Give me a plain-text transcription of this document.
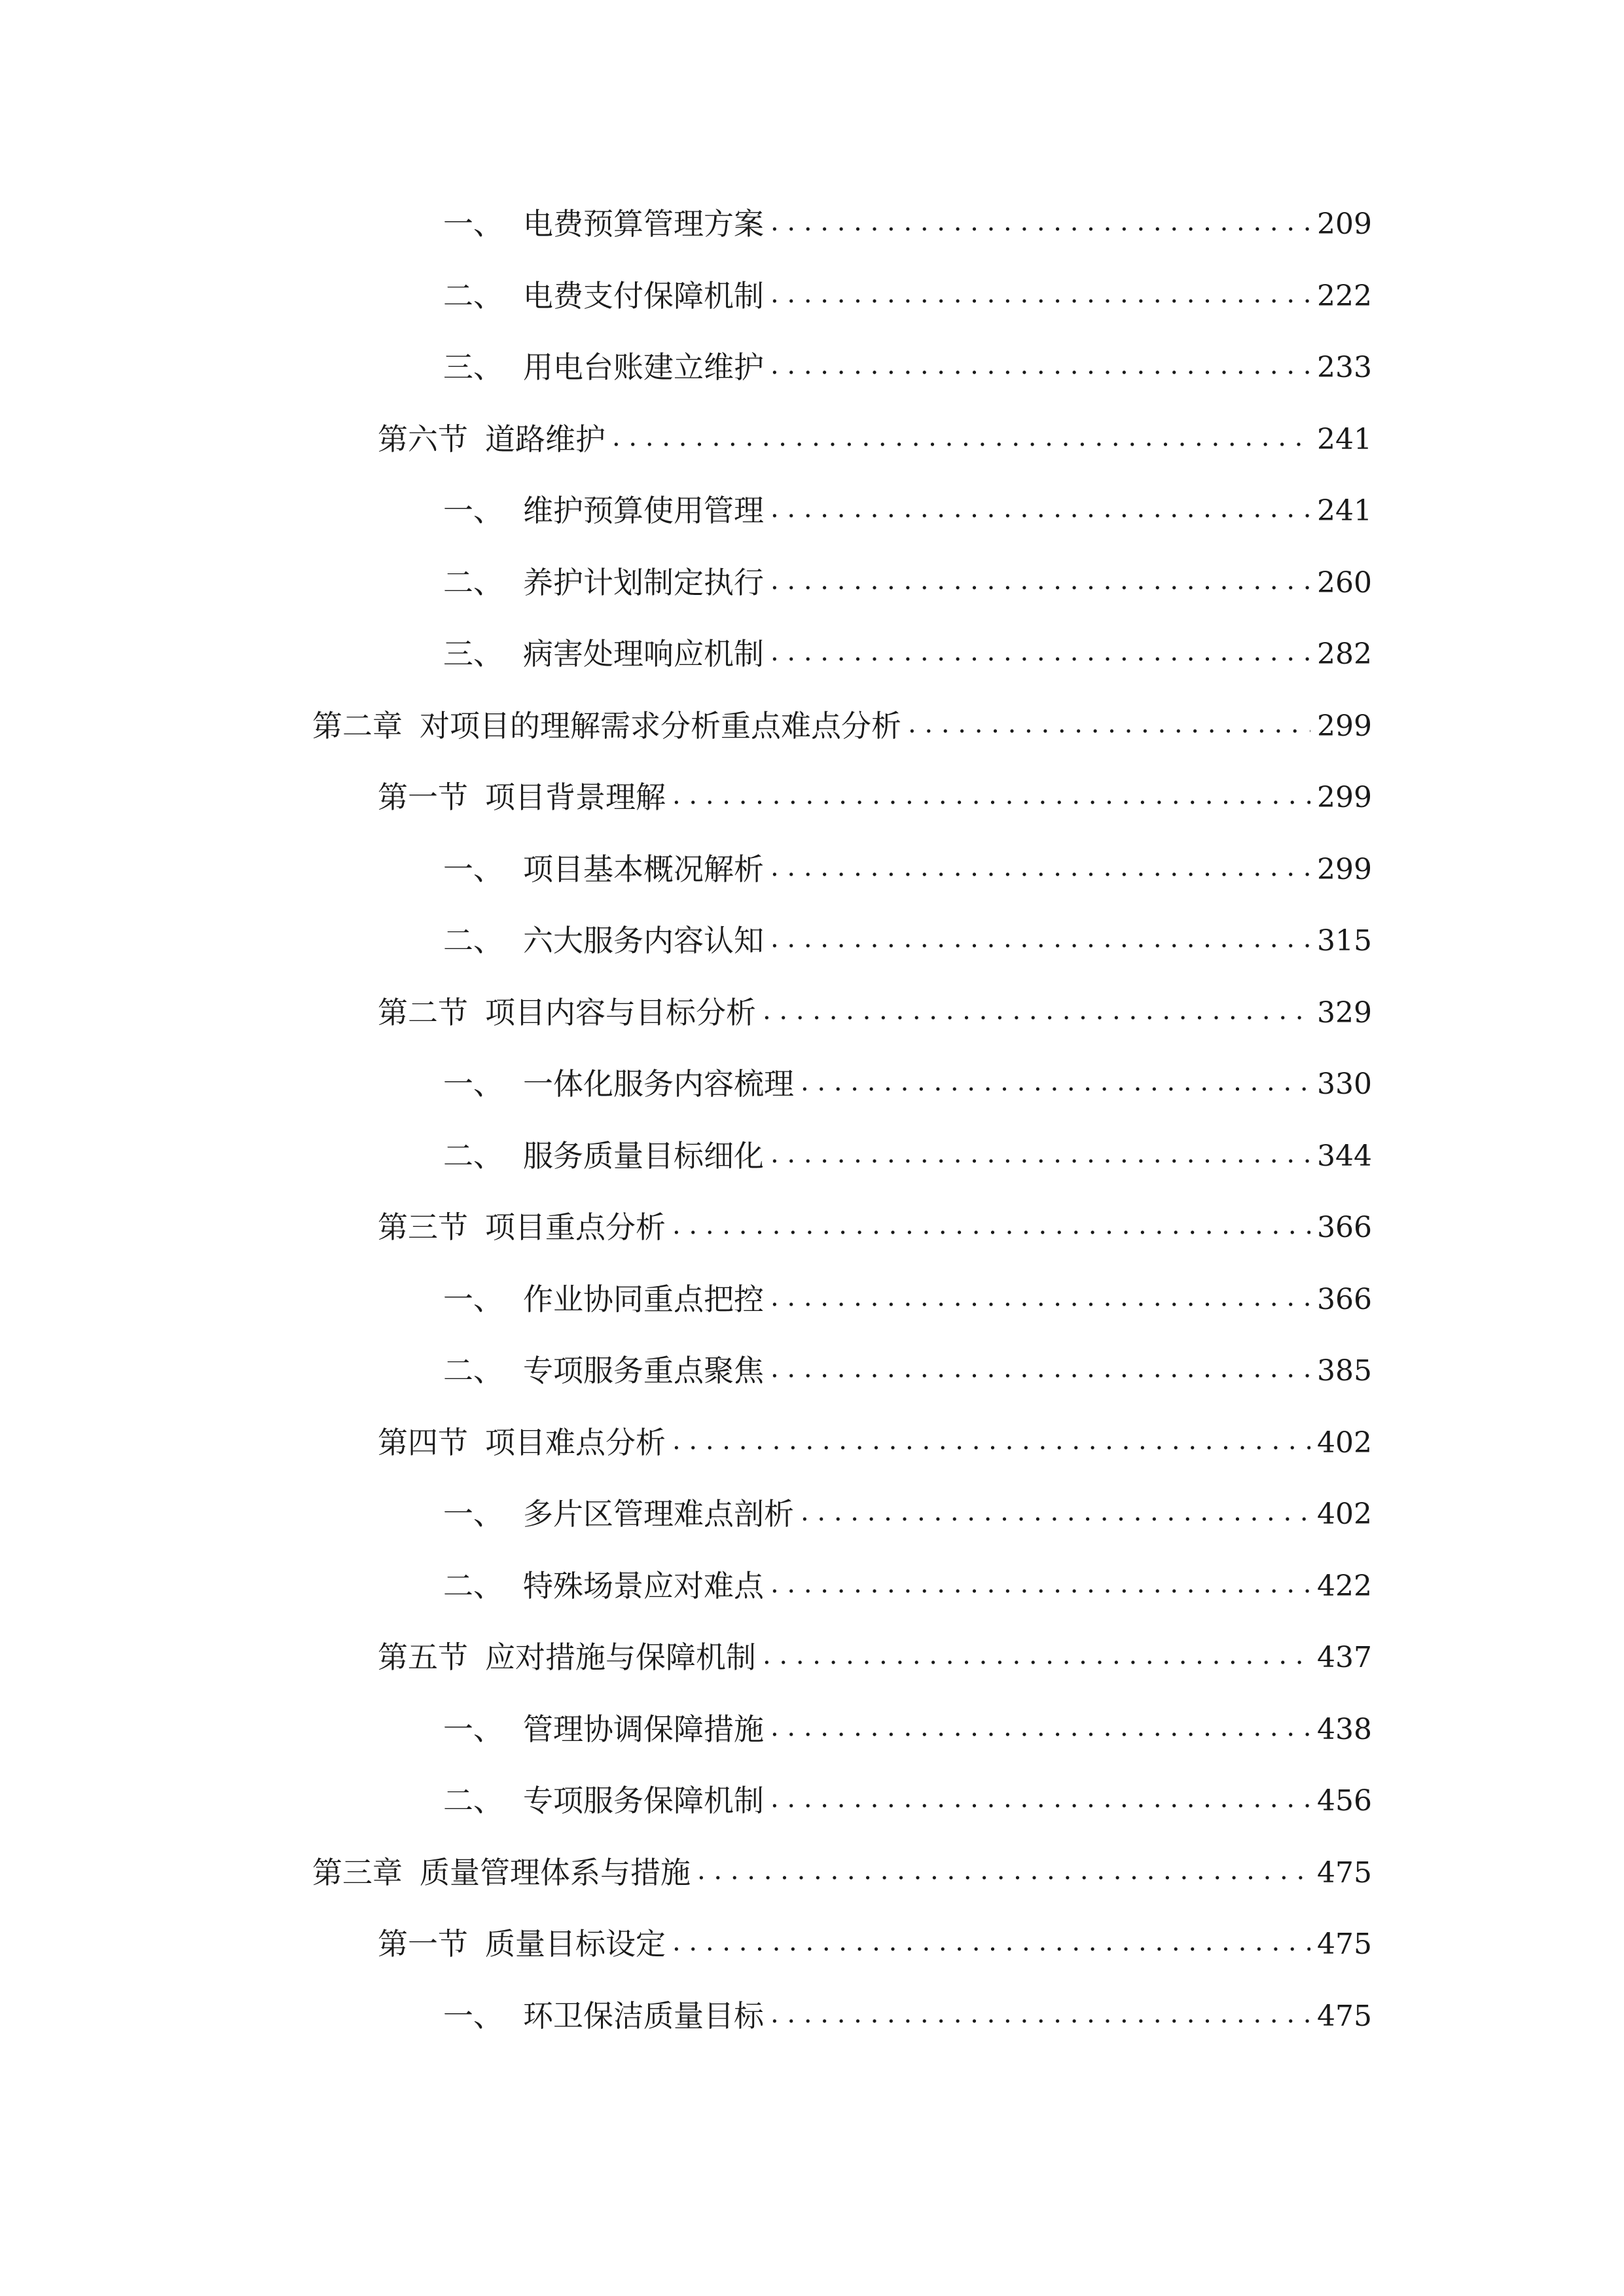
一、 电费预算管理方案 . . .	209
二、 电费支付保障机制 . . .	222
三、 用电台账建立维护 . . .	233
第六节 道路维护 . . .	241
一、 维护预算使用管理 . . .	241
二、 养护计划制定执行 . . .	260
三、 病害处理响应机制 . . .	282
第二章 对项目的理解需求分析重点难点分析 . . .	299
第一节 项目背景理解 . . .	299
一、 项目基本概况解析 . . .	299
二、 六大服务内容认知 . . .	315
第二节 项目内容与目标分析 . . .	329
一、 一体化服务内容梳理 . . .	330
二、 服务质量目标细化 . . .	344
第三节 项目重点分析 . . .	366
一、 作业协同重点把控 . . .	366
二、 专项服务重点聚焦 . . .	385
第四节 项目难点分析 . . .	402
一、 多片区管理难点剖析 . . .	402
二、 特殊场景应对难点 . . .	422
第五节 应对措施与保障机制 . . .	437
一、 管理协调保障措施 . . .	438
二、 专项服务保障机制 . . .	456
第三章 质量管理体系与措施 . . .	475
第一节 质量目标设定 . . .	475
一、 环卫保洁质量目标 . . .	475
